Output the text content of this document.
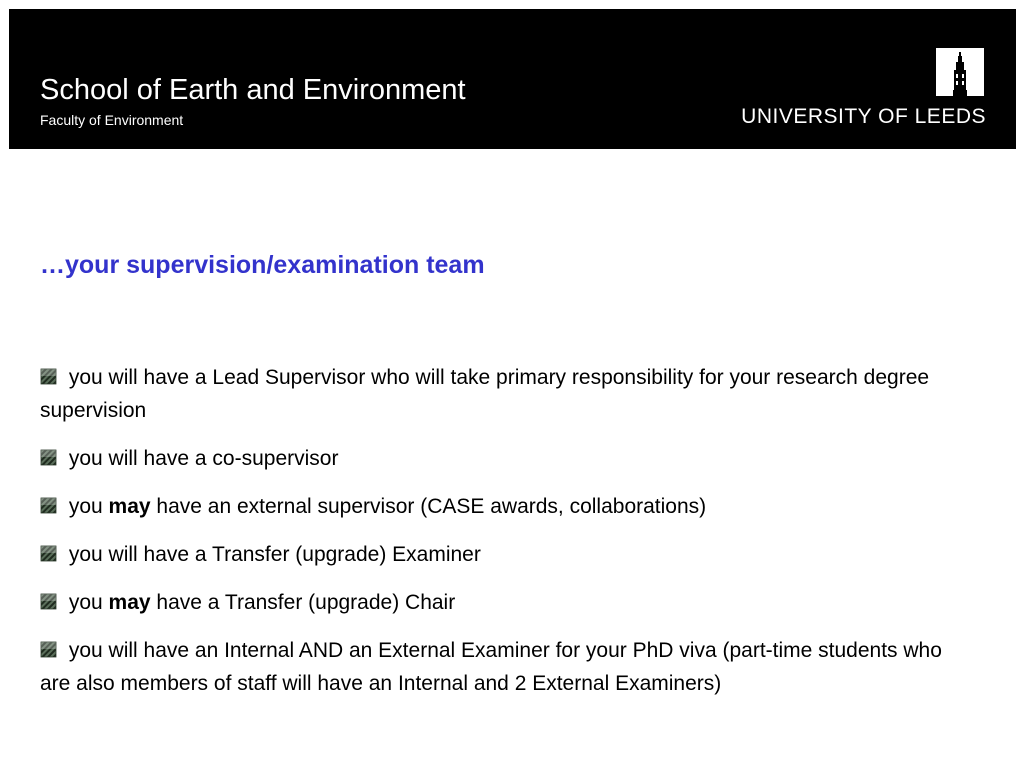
School of Earth and Environment
Faculty of Environment	UNIVERSITY OF LEEDS
…your supervision/examination team
you will have a Lead Supervisor who will take primary responsibility for your research degree supervision
you will have a co-supervisor
you may have an external supervisor (CASE awards, collaborations)
you will have a Transfer (upgrade) Examiner
you may have a Transfer (upgrade) Chair
you will have an Internal AND an External Examiner for your PhD viva (part-time students who are also members of staff will have an Internal and 2 External Examiners)
